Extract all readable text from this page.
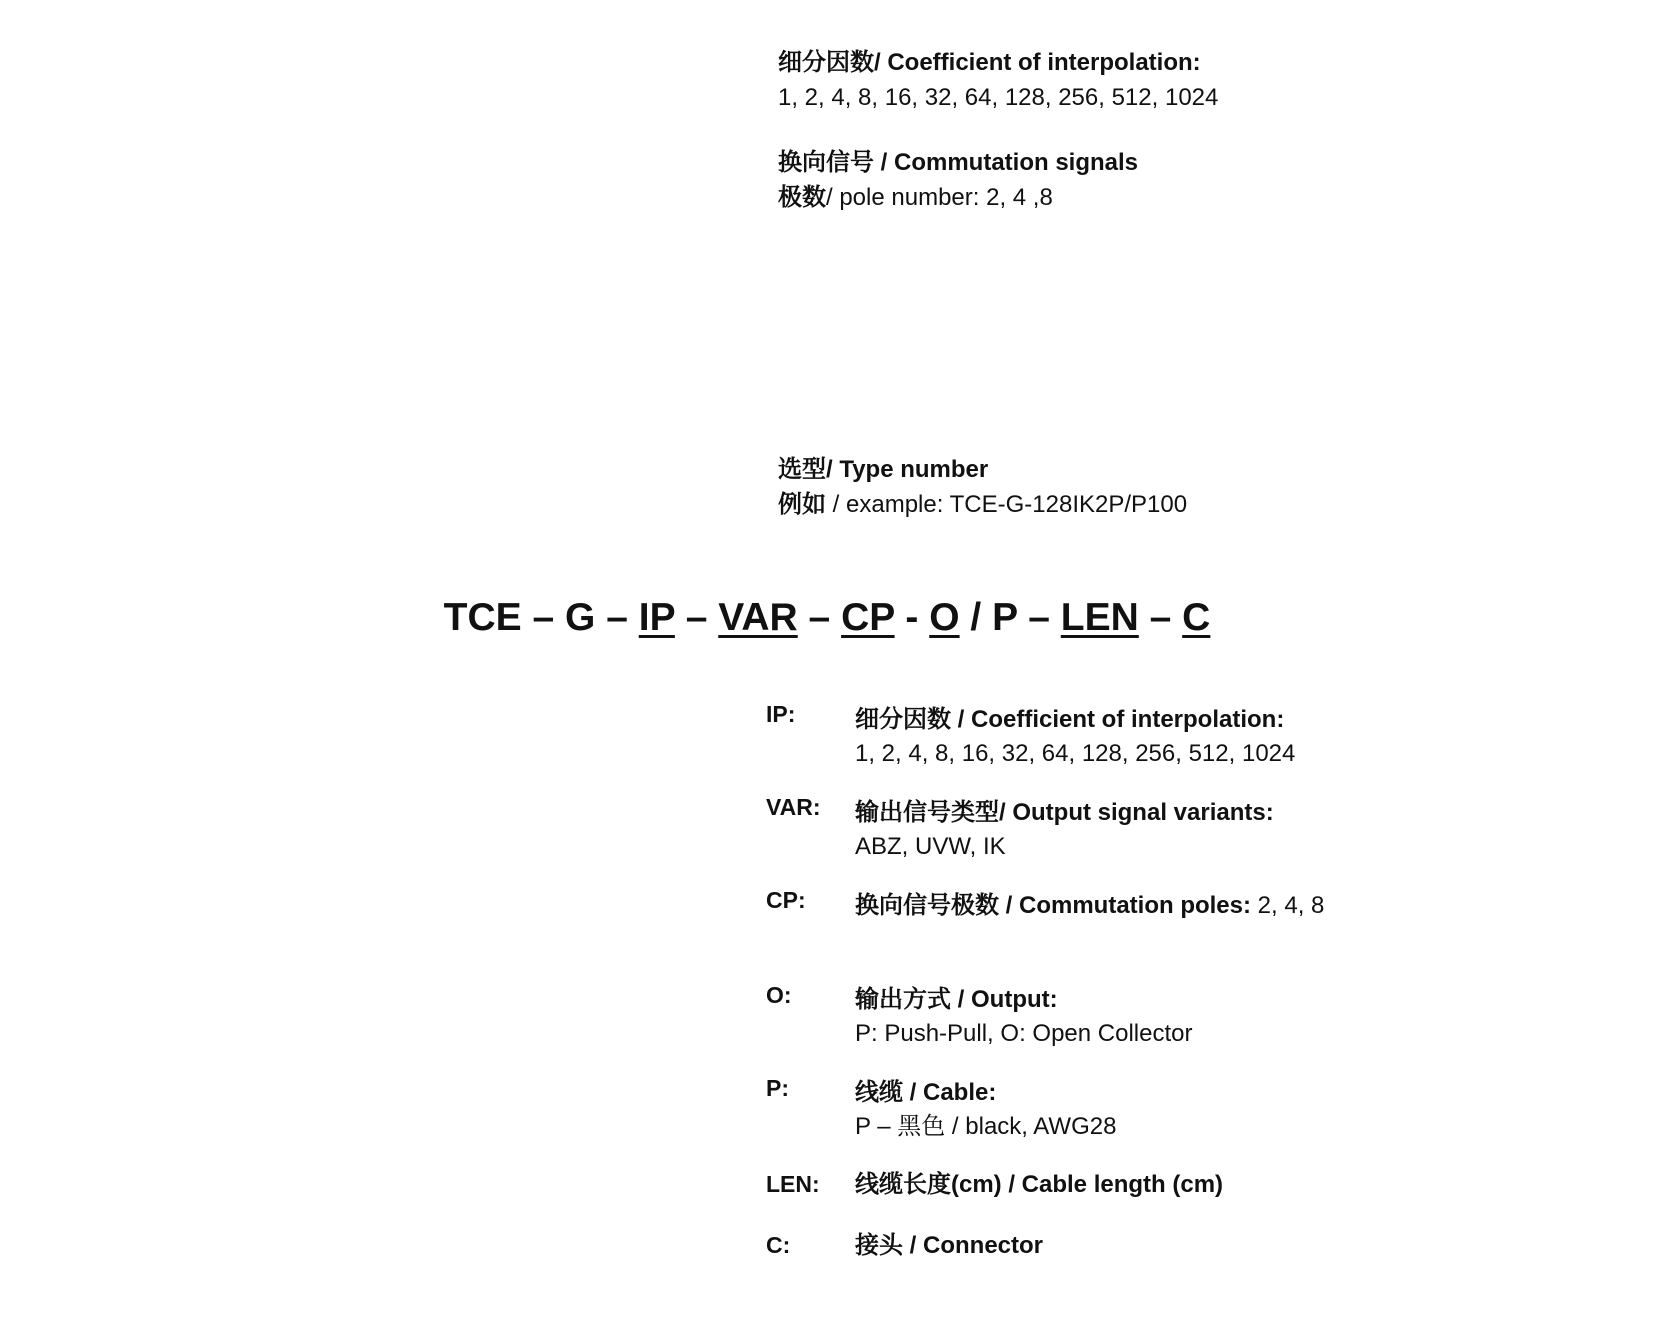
细分因数/ Coefficient of interpolation:
1, 2, 4, 8, 16, 32, 64, 128, 256, 512, 1024
换向信号 / Commutation signals
极数/ pole number: 2, 4 ,8
选型/ Type number
例如 / example: TCE-G-128IK2P/P100
TCE – G – IP – VAR – CP - O / P – LEN – C
IP: 细分因数 / Coefficient of interpolation:
1, 2, 4, 8, 16, 32, 64, 128, 256, 512, 1024
VAR: 输出信号类型/ Output signal variants:
ABZ, UVW, IK
CP: 换向信号极数 / Commutation poles: 2, 4, 8
O:	输出方式 / Output:
P: Push-Pull, O: Open Collector
P:	线缆 / Cable:
P – 黑色 / black, AWG28
LEN: 线缆长度(cm) / Cable length (cm)
C:	接头 / Connector
